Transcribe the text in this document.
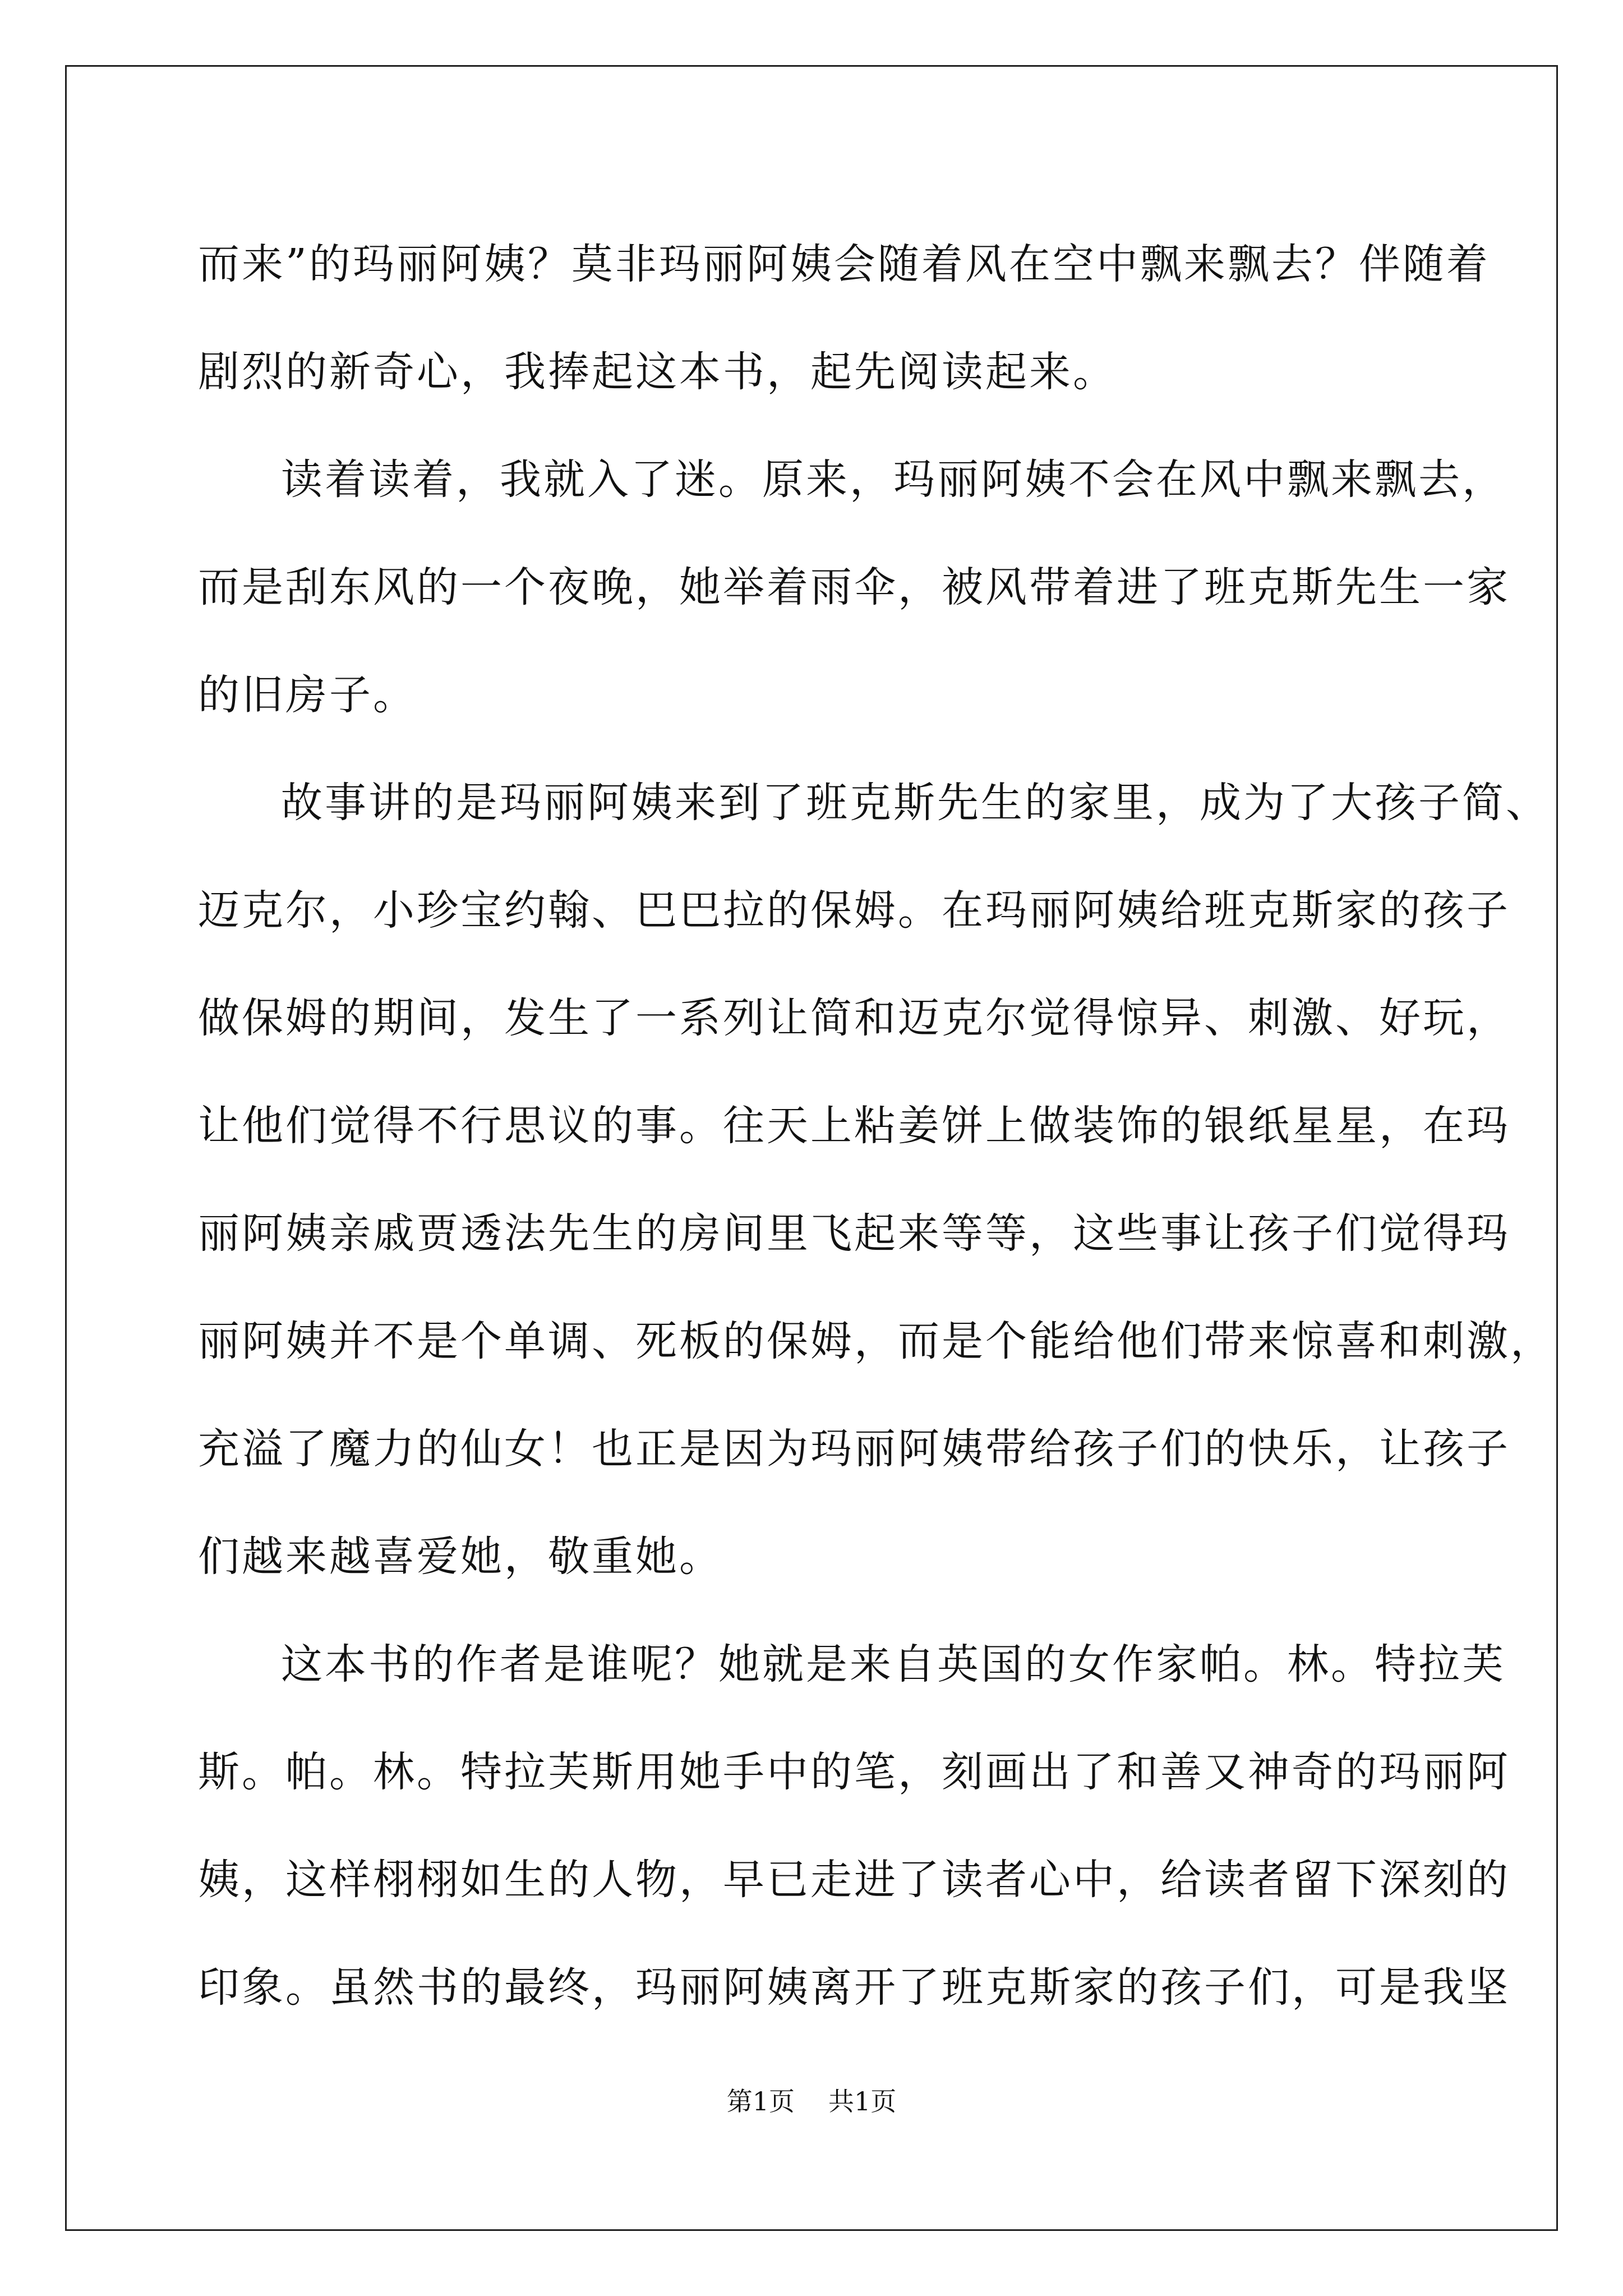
而来”的玛丽阿姨？莫非玛丽阿姨会随着风在空中飘来飘去？伴随着
剧烈的新奇心，我捧起这本书，起先阅读起来。
读着读着，我就入了迷。原来，玛丽阿姨不会在风中飘来飘去，
而是刮东风的一个夜晚，她举着雨伞，被风带着进了班克斯先生一家
的旧房子。
故事讲的是玛丽阿姨来到了班克斯先生的家里，成为了大孩子简、
迈克尔，小珍宝约翰、巴巴拉的保姆。在玛丽阿姨给班克斯家的孩子
做保姆的期间，发生了一系列让简和迈克尔觉得惊异、刺激、好玩，
让他们觉得不行思议的事。往天上粘姜饼上做装饰的银纸星星，在玛
丽阿姨亲戚贾透法先生的房间里飞起来等等，这些事让孩子们觉得玛
丽阿姨并不是个单调、死板的保姆，而是个能给他们带来惊喜和刺激，
充溢了魔力的仙女！也正是因为玛丽阿姨带给孩子们的快乐，让孩子
们越来越喜爱她，敬重她。
这本书的作者是谁呢？她就是来自英国的女作家帕。林。特拉芙
斯。帕。林。特拉芙斯用她手中的笔，刻画出了和善又神奇的玛丽阿
姨，这样栩栩如生的人物，早已走进了读者心中，给读者留下深刻的
印象。虽然书的最终，玛丽阿姨离开了班克斯家的孩子们，可是我坚
第1页 共1页
